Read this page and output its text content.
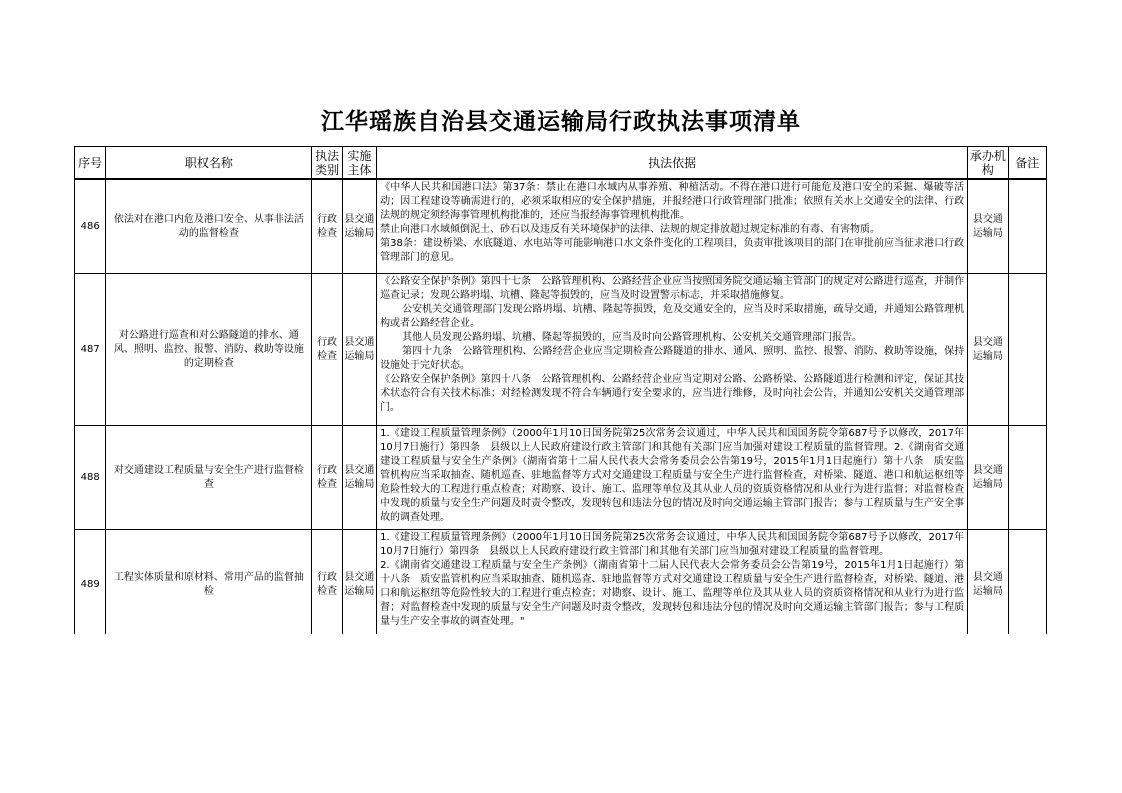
江华瑶族自治县交通运输局行政执法事项清单
序号	职权名称	执法类别	实施主体	执法依据	承办机构	备注
486	依法对在港口内危及港口安全、从事非法活动的监督检查	行政检查	县交通运输局	《中华人民共和国港口法》第37条：禁止在港口水域内从事养殖、种植活动。不得在港口进行可能危及港口安全的采掘、爆破等活动；因工程建设等确需进行的，必须采取相应的安全保护措施，并报经港口行政管理部门批准；依照有关水上交通安全的法律、行政法规的规定须经海事管理机构批准的，还应当报经海事管理机构批准。
禁止向港口水域倾倒泥土、砂石以及违反有关环境保护的法律、法规的规定排放超过规定标准的有毒、有害物质。
第38条：建设桥梁、水底隧道、水电站等可能影响港口水文条件变化的工程项目，负责审批该项目的部门在审批前应当征求港口行政管理部门的意见。	县交通运输局	
487	对公路进行巡查和对公路隧道的排水、通风、照明、监控、报警、消防、救助等设施的定期检查	行政检查	县交通运输局	《公路安全保护条例》第四十七条　公路管理机构、公路经营企业应当按照国务院交通运输主管部门的规定对公路进行巡查，并制作巡查记录；发现公路坍塌、坑槽、隆起等损毁的，应当及时设置警示标志，并采取措施修复。
公安机关交通管理部门发现公路坍塌、坑槽、隆起等损毁，危及交通安全的，应当及时采取措施，疏导交通，并通知公路管理机构或者公路经营企业。
其他人员发现公路坍塌、坑槽、隆起等损毁的，应当及时向公路管理机构、公安机关交通管理部门报告。
第四十九条　公路管理机构、公路经营企业应当定期检查公路隧道的排水、通风、照明、监控、报警、消防、救助等设施，保持设施处于完好状态。
《公路安全保护条例》第四十八条　公路管理机构、公路经营企业应当定期对公路、公路桥梁、公路隧道进行检测和评定，保证其技术状态符合有关技术标准；对经检测发现不符合车辆通行安全要求的，应当进行维修，及时向社会公告，并通知公安机关交通管理部门。	县交通运输局	
488	对交通建设工程质量与安全生产进行监督检查	行政检查	县交通运输局	1.《建设工程质量管理条例》（2000年1月10日国务院第25次常务会议通过，中华人民共和国国务院令第687号予以修改，2017年10月7日施行）第四条　县级以上人民政府建设行政主管部门和其他有关部门应当加强对建设工程质量的监督管理。2.《湖南省交通建设工程质量与安全生产条例》（湖南省第十二届人民代表大会常务委员会公告第19号，2015年1月1日起施行）第十八条　质安监管机构应当采取抽查、随机巡查、驻地监督等方式对交通建设工程质量与安全生产进行监督检查，对桥梁、隧道、港口和航运枢纽等危险性较大的工程进行重点检查；对勘察、设计、施工、监理等单位及其从业人员的资质资格情况和从业行为进行监督；对监督检查中发现的质量与安全生产问题及时责令整改，发现转包和违法分包的情况及时向交通运输主管部门报告；参与工程质量与生产安全事故的调查处理。	县交通运输局	
489	工程实体质量和原材料、常用产品的监督抽检	行政检查	县交通运输局	1.《建设工程质量管理条例》（2000年1月10日国务院第25次常务会议通过，中华人民共和国国务院令第687号予以修改，2017年10月7日施行）第四条　县级以上人民政府建设行政主管部门和其他有关部门应当加强对建设工程质量的监督管理。
2.《湖南省交通建设工程质量与安全生产条例》（湖南省第十二届人民代表大会常务委员会公告第19号，2015年1月1日起施行）第十八条　质安监管机构应当采取抽查、随机巡查、驻地监督等方式对交通建设工程质量与安全生产进行监督检查，对桥梁、隧道、港口和航运枢纽等危险性较大的工程进行重点检查；对勘察、设计、施工、监理等单位及其从业人员的资质资格情况和从业行为进行监督；对监督检查中发现的质量与安全生产问题及时责令整改，发现转包和违法分包的情况及时向交通运输主管部门报告；参与工程质量与生产安全事故的调查处理。"	县交通运输局	
